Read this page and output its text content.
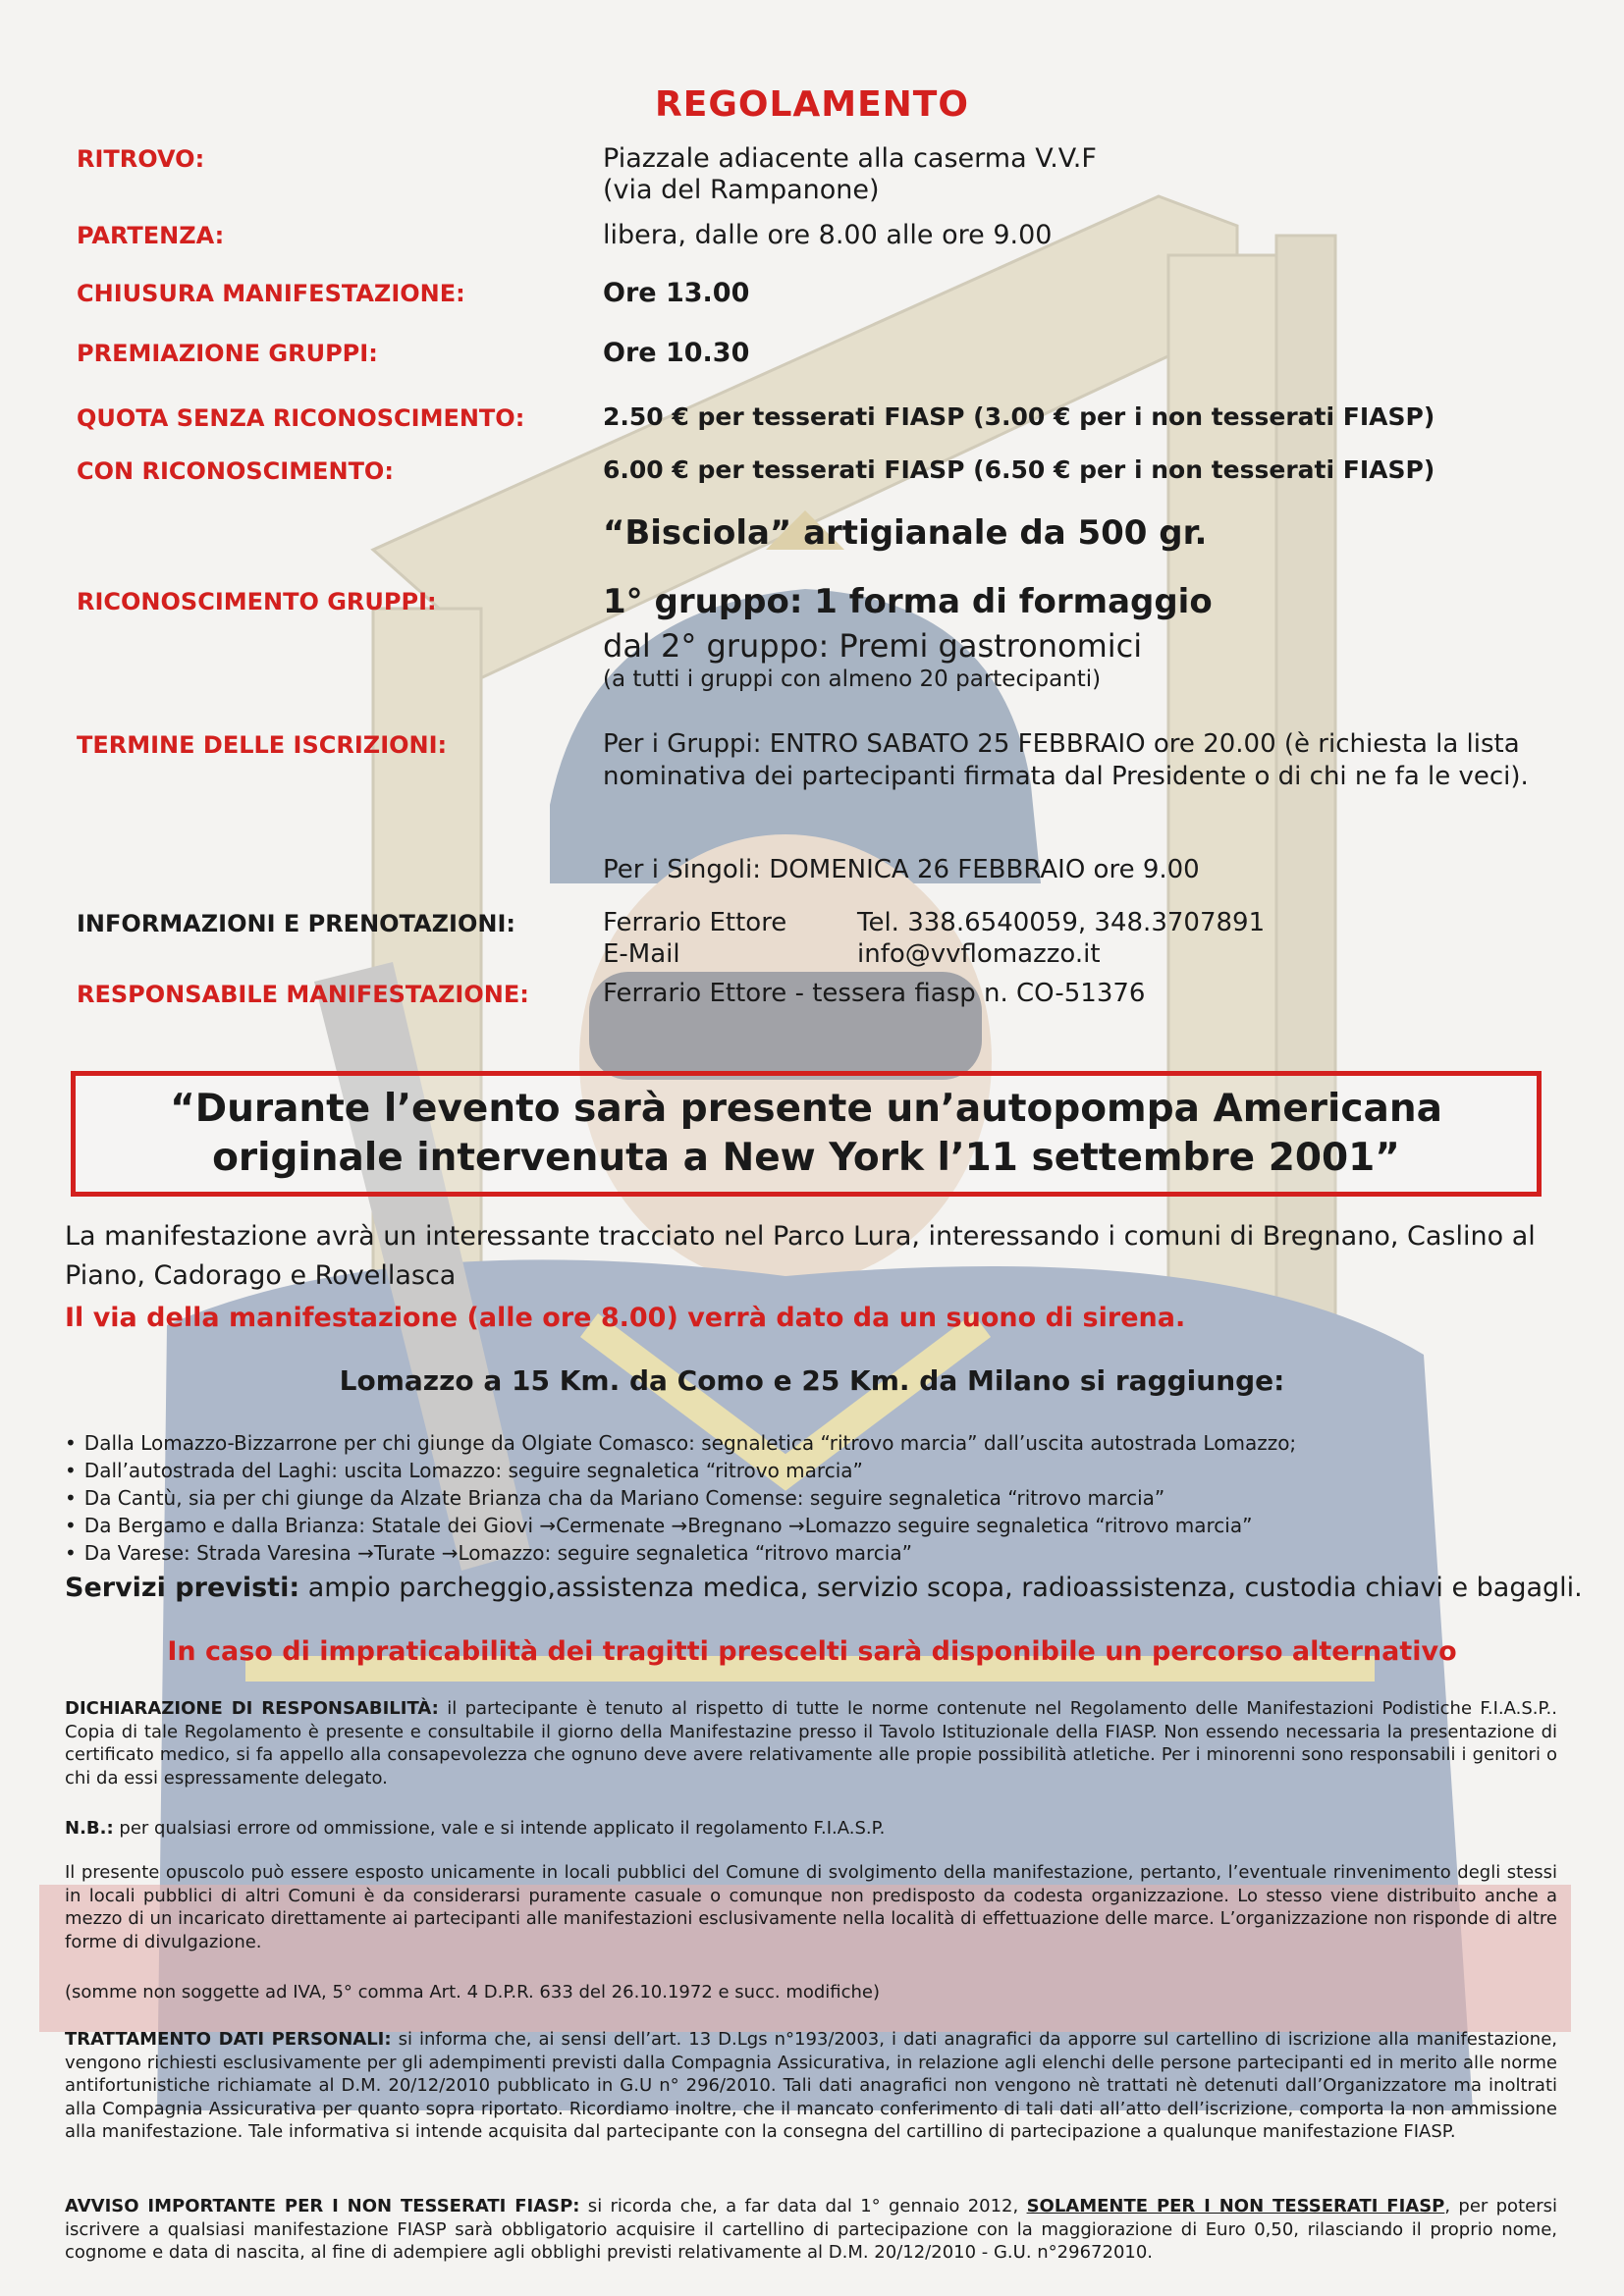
REGOLAMENTO
RITROVO:	Piazzale adiacente alla caserma V.V.F
(via del Rampanone)
PARTENZA:	libera, dalle ore 8.00 alle ore 9.00
CHIUSURA MANIFESTAZIONE:	Ore 13.00
PREMIAZIONE GRUPPI:	Ore 10.30
QUOTA SENZA RICONOSCIMENTO:	2.50 € per tesserati FIASP (3.00 € per i non tesserati FIASP)
CON RICONOSCIMENTO:	6.00 € per tesserati FIASP (6.50 € per i non tesserati FIASP)
“Bisciola” artigianale da 500 gr.
RICONOSCIMENTO GRUPPI:	1° gruppo: 1 forma di formaggio
dal 2° gruppo: Premi gastronomici
(a tutti i gruppi con almeno 20 partecipanti)
TERMINE DELLE ISCRIZIONI:	Per i Gruppi: ENTRO SABATO 25 FEBBRAIO ore 20.00 (è richiesta la lista nominativa dei partecipanti firmata dal Presidente o di chi ne fa le veci).
Per i Singoli: DOMENICA 26 FEBBRAIO ore 9.00
INFORMAZIONI E PRENOTAZIONI:	Ferrario Ettore	Tel. 338.6540059, 348.3707891
E-Mail	info@vvflomazzo.it
RESPONSABILE MANIFESTAZIONE:	Ferrario Ettore - tessera fiasp n. CO-51376
“Durante l’evento sarà presente un’autopompa Americana
originale intervenuta a New York l’11 settembre 2001”
La manifestazione avrà un interessante tracciato nel Parco Lura, interessando i comuni di Bregnano, Caslino al Piano, Cadorago e Rovellasca
Il via della manifestazione (alle ore 8.00) verrà dato da un suono di sirena.
Lomazzo a 15 Km. da Como e 25 Km. da Milano si raggiunge:
• Dalla Lomazzo-Bizzarrone per chi giunge da Olgiate Comasco: segnaletica “ritrovo marcia” dall’uscita autostrada Lomazzo;
• Dall’autostrada del Laghi: uscita Lomazzo: seguire segnaletica “ritrovo marcia”
• Da Cantù, sia per chi giunge da Alzate Brianza cha da Mariano Comense: seguire segnaletica “ritrovo marcia”
• Da Bergamo e dalla Brianza: Statale dei Giovi →Cermenate →Bregnano →Lomazzo seguire segnaletica “ritrovo marcia”
• Da Varese: Strada Varesina →Turate →Lomazzo: seguire segnaletica “ritrovo marcia”
Servizi previsti: ampio parcheggio,assistenza medica, servizio scopa, radioassistenza, custodia chiavi e bagagli.
In caso di impraticabilità dei tragitti prescelti sarà disponibile un percorso alternativo
DICHIARAZIONE DI RESPONSABILITÀ: il partecipante è tenuto al rispetto di tutte le norme contenute nel Regolamento delle Manifestazioni Podistiche F.I.A.S.P.. Copia di tale Regolamento è presente e consultabile il giorno della Manifestazine presso il Tavolo Istituzionale della FIASP. Non essendo necessaria la presentazione di certificato medico, si fa appello alla consapevolezza che ognuno deve avere relativamente alle propie possibilità atletiche. Per i minorenni sono responsabili i genitori o chi da essi espressamente delegato.
N.B.: per qualsiasi errore od ommissione, vale e si intende applicato il regolamento F.I.A.S.P.
Il presente opuscolo può essere esposto unicamente in locali pubblici del Comune di svolgimento della manifestazione, pertanto, l’eventuale rinvenimento degli stessi in locali pubblici di altri Comuni è da considerarsi puramente casuale o comunque non predisposto da codesta organizzazione. Lo stesso viene distribuito anche a mezzo di un incaricato direttamente ai partecipanti alle manifestazioni esclusivamente nella località di effettuazione delle marce. L’organizzazione non risponde di altre forme di divulgazione.
(somme non soggette ad IVA, 5° comma Art. 4 D.P.R. 633 del 26.10.1972 e succ. modifiche)
TRATTAMENTO DATI PERSONALI: si informa che, ai sensi dell’art. 13 D.Lgs n°193/2003, i dati anagrafici da apporre sul cartellino di iscrizione alla manifestazione, vengono richiesti esclusivamente per gli adempimenti previsti dalla Compagnia Assicurativa, in relazione agli elenchi delle persone partecipanti ed in merito alle norme antifortunistiche richiamate al D.M. 20/12/2010 pubblicato in G.U n° 296/2010. Tali dati anagrafici non vengono nè trattati nè detenuti dall’Organizzatore ma inoltrati alla Compagnia Assicurativa per quanto sopra riportato. Ricordiamo inoltre, che il mancato conferimento di tali dati all’atto dell’iscrizione, comporta la non ammissione alla manifestazione. Tale informativa si intende acquisita dal partecipante con la consegna del cartillino di partecipazione a qualunque manifestazione FIASP.
AVVISO IMPORTANTE PER I NON TESSERATI FIASP: si ricorda che, a far data dal 1° gennaio 2012, SOLAMENTE PER I NON TESSERATI FIASP, per potersi iscrivere a qualsiasi manifestazione FIASP sarà obbligatorio acquisire il cartellino di partecipazione con la maggiorazione di Euro 0,50, rilasciando il proprio nome, cognome e data di nascita, al fine di adempiere agli obblighi previsti relativamente al D.M. 20/12/2010 - G.U. n°29672010.
